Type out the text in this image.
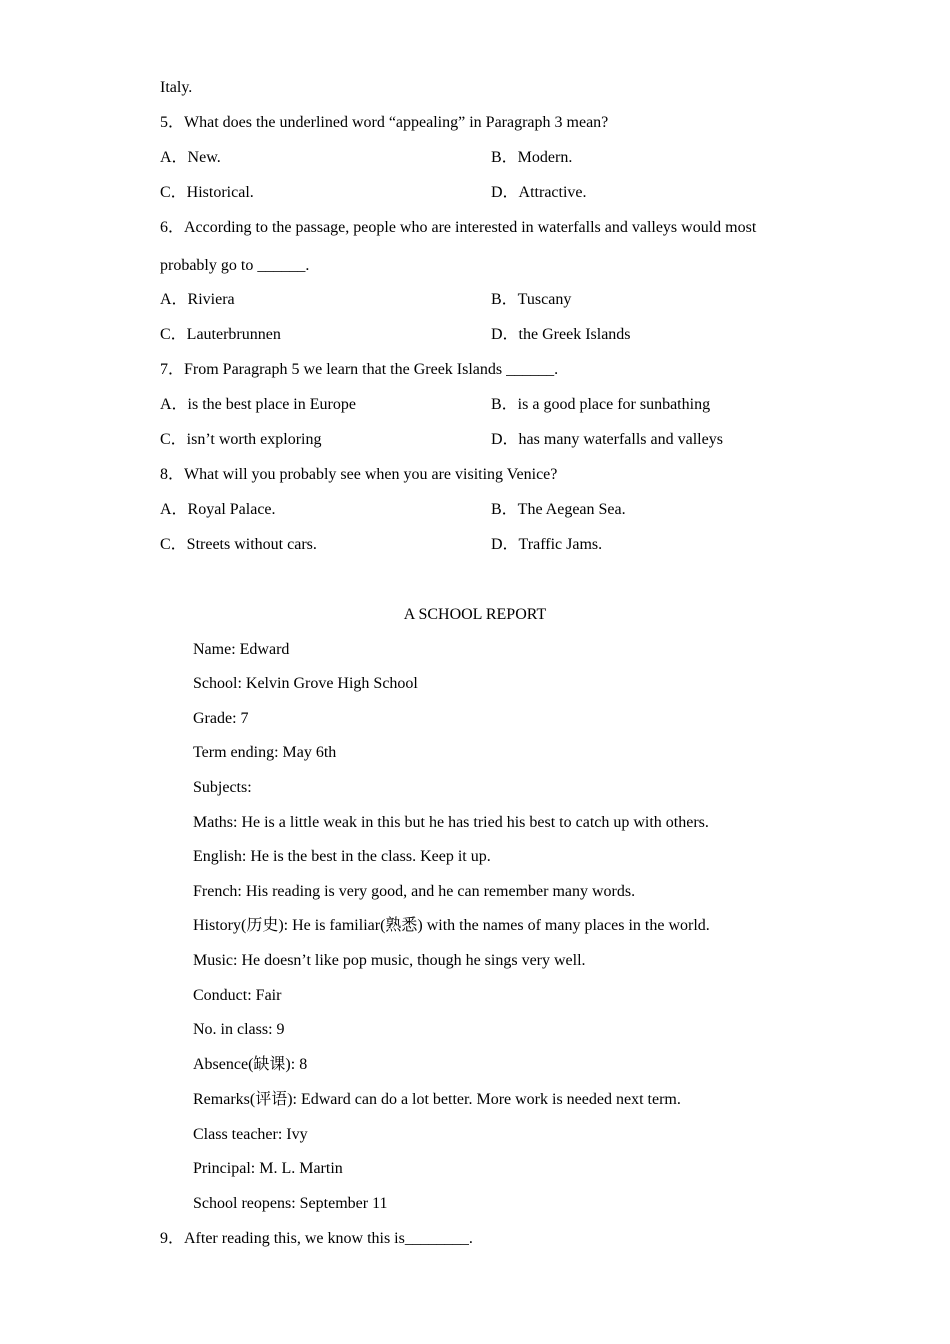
Italy.
5．What does the underlined word “appealing” in Paragraph 3 mean?
A．New.	B．Modern.
C．Historical.	D．Attractive.
6．According to the passage, people who are interested in waterfalls and valleys would most
probably go to ______.
A．Riviera	B．Tuscany
C．Lauterbrunnen	D．the Greek Islands
7．From Paragraph 5 we learn that the Greek Islands ______.
A．is the best place in Europe	B．is a good place for sunbathing
C．isn’t worth exploring	D．has many waterfalls and valleys
8．What will you probably see when you are visiting Venice?
A．Royal Palace.	B．The Aegean Sea.
C．Streets without cars.	D．Traffic Jams.
A SCHOOL REPORT
Name: Edward
School: Kelvin Grove High School
Grade: 7
Term ending: May 6th
Subjects:
Maths: He is a little weak in this but he has tried his best to catch up with others.
English: He is the best in the class. Keep it up.
French: His reading is very good, and he can remember many words.
History(历史): He is familiar(熟悉) with the names of many places in the world.
Music: He doesn’t like pop music, though he sings very well.
Conduct: Fair
No. in class: 9
Absence(缺课): 8
Remarks(评语): Edward can do a lot better. More work is needed next term.
Class teacher: Ivy
Principal: M. L. Martin
School reopens: September 11
9．After reading this, we know this is________.
